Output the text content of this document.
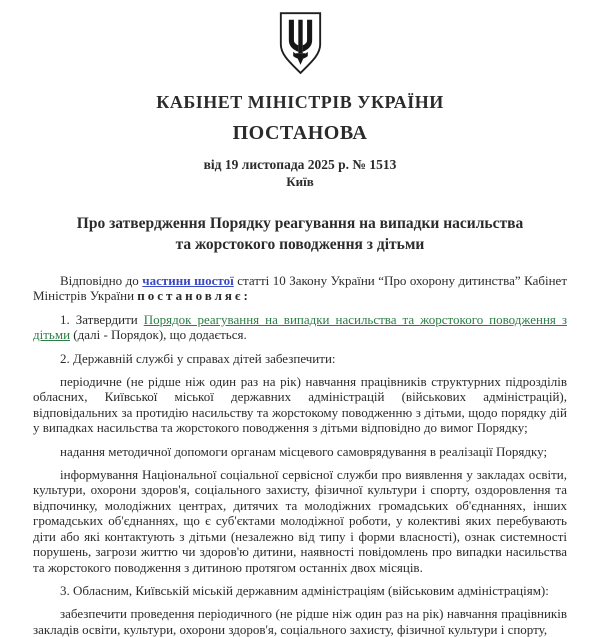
КАБІНЕТ МІНІСТРІВ УКРАЇНИ
ПОСТАНОВА
від 19 листопада 2025 р. № 1513
Київ
Про затвердження Порядку реагування на випадки насильства та жорстокого поводження з дітьми

Відповідно до частини шостої статті 10 Закону України “Про охорону дитинства” Кабінет Міністрів України постановляє:

1. Затвердити Порядок реагування на випадки насильства та жорстокого поводження з дітьми (далі - Порядок), що додається.

2. Державній службі у справах дітей забезпечити:

періодичне (не рідше ніж один раз на рік) навчання працівників структурних підрозділів обласних, Київської міської державних адміністрацій (військових адміністрацій), відповідальних за протидію насильству та жорстокому поводженню з дітьми, щодо порядку дій у випадках насильства та жорстокого поводження з дітьми відповідно до вимог Порядку;

надання методичної допомоги органам місцевого самоврядування в реалізації Порядку;

інформування Національної соціальної сервісної служби про виявлення у закладах освіти, культури, охорони здоров'я, соціального захисту, фізичної культури і спорту, оздоровлення та відпочинку, молодіжних центрах, дитячих та молодіжних громадських об'єднаннях, інших громадських об'єднаннях, що є суб'єктами молодіжної роботи, у колективі яких перебувають діти або які контактують з дітьми (незалежно від типу і форми власності), ознак системності порушень, загрози життю чи здоров'ю дитини, наявності повідомлень про випадки насильства та жорстокого поводження з дитиною протягом останніх двох місяців.

3. Обласним, Київській міській державним адміністраціям (військовим адміністраціям):

забезпечити проведення періодичного (не рідше ніж один раз на рік) навчання працівників закладів освіти, культури, охорони здоров'я, соціального захисту, фізичної культури і спорту,
